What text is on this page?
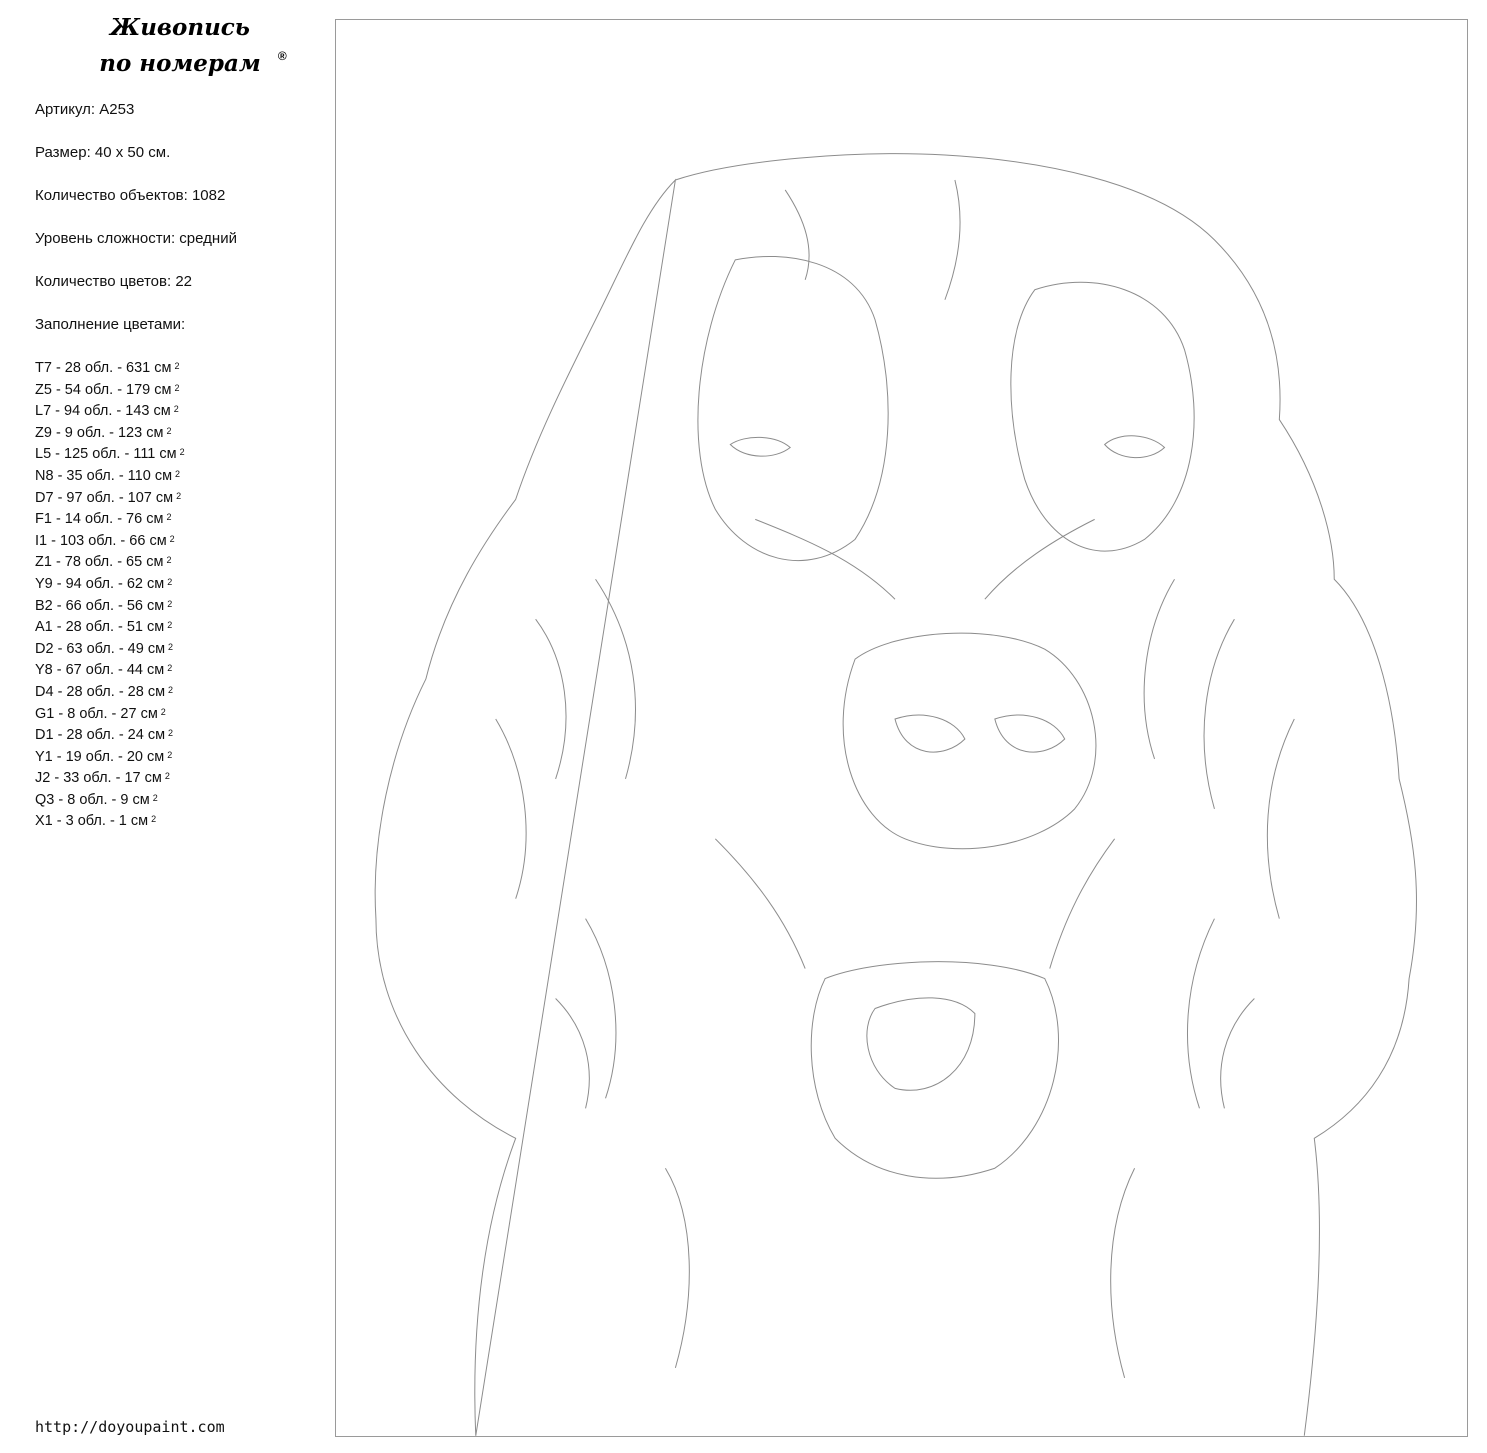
Живопись
по номерам ®
Артикул : A253
Размер : 40 x 50 см.
Количество объектов : 1082
Уровень сложности : средний
Количество цветов : 22
Заполнение цветами:
T7 - 28 обл. - 631 см $^2$
Z5 - 54 обл. - 179 см $^2$
L7 - 94 обл. - 143 см $^2$
Z9 - 9 обл. - 123 см $^2$
L5 - 125 обл. - 111 см $^2$
N8 - 35 обл. - 110 см $^2$
D7 - 97 обл. - 107 см $^2$
F1 - 14 обл. - 76 см $^2$
I1 - 103 обл. - 66 см $^2$
Z1 - 78 обл. - 65 см $^2$
Y9 - 94 обл. - 62 см $^2$
B2 - 66 обл. - 56 см $^2$
A1 - 28 обл. - 51 см $^2$
D2 - 63 обл. - 49 см $^2$
Y8 - 67 обл. - 44 см $^2$
D4 - 28 обл. - 28 см $^2$
G1 - 8 обл. - 27 см $^2$
D1 - 28 обл. - 24 см $^2$
Y1 - 19 обл. - 20 см $^2$
J2 - 33 обл. - 17 см $^2$
Q3 - 8 обл. - 9 см $^2$
X1 - 3 обл. - 1 см $^2$
http://doyoupaint.com
